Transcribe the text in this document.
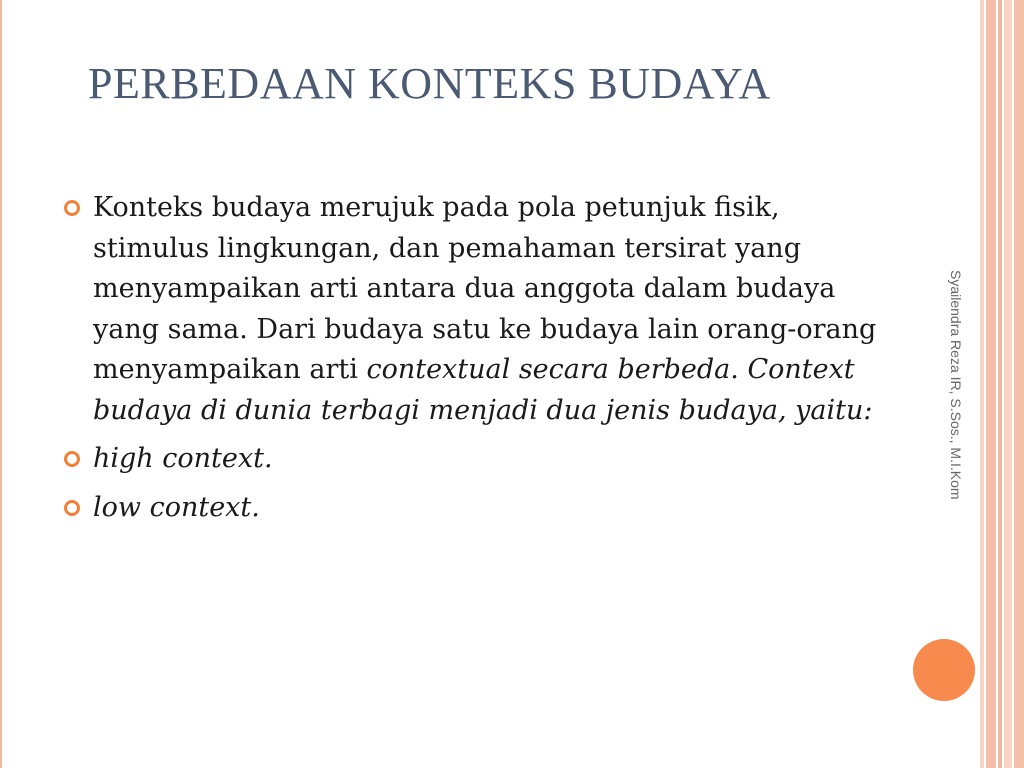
PERBEDAAN KONTEKS BUDAYA
Konteks budaya merujuk pada pola petunjuk fisik, stimulus lingkungan, dan pemahaman tersirat yang menyampaikan arti antara dua anggota dalam budaya yang sama. Dari budaya satu ke budaya lain orang-orang menyampaikan arti contextual secara berbeda. Context budaya di dunia terbagi menjadi dua jenis budaya, yaitu:
high context.
low context.
Syailendra Reza IR, S.Sos., M.I.Kom
